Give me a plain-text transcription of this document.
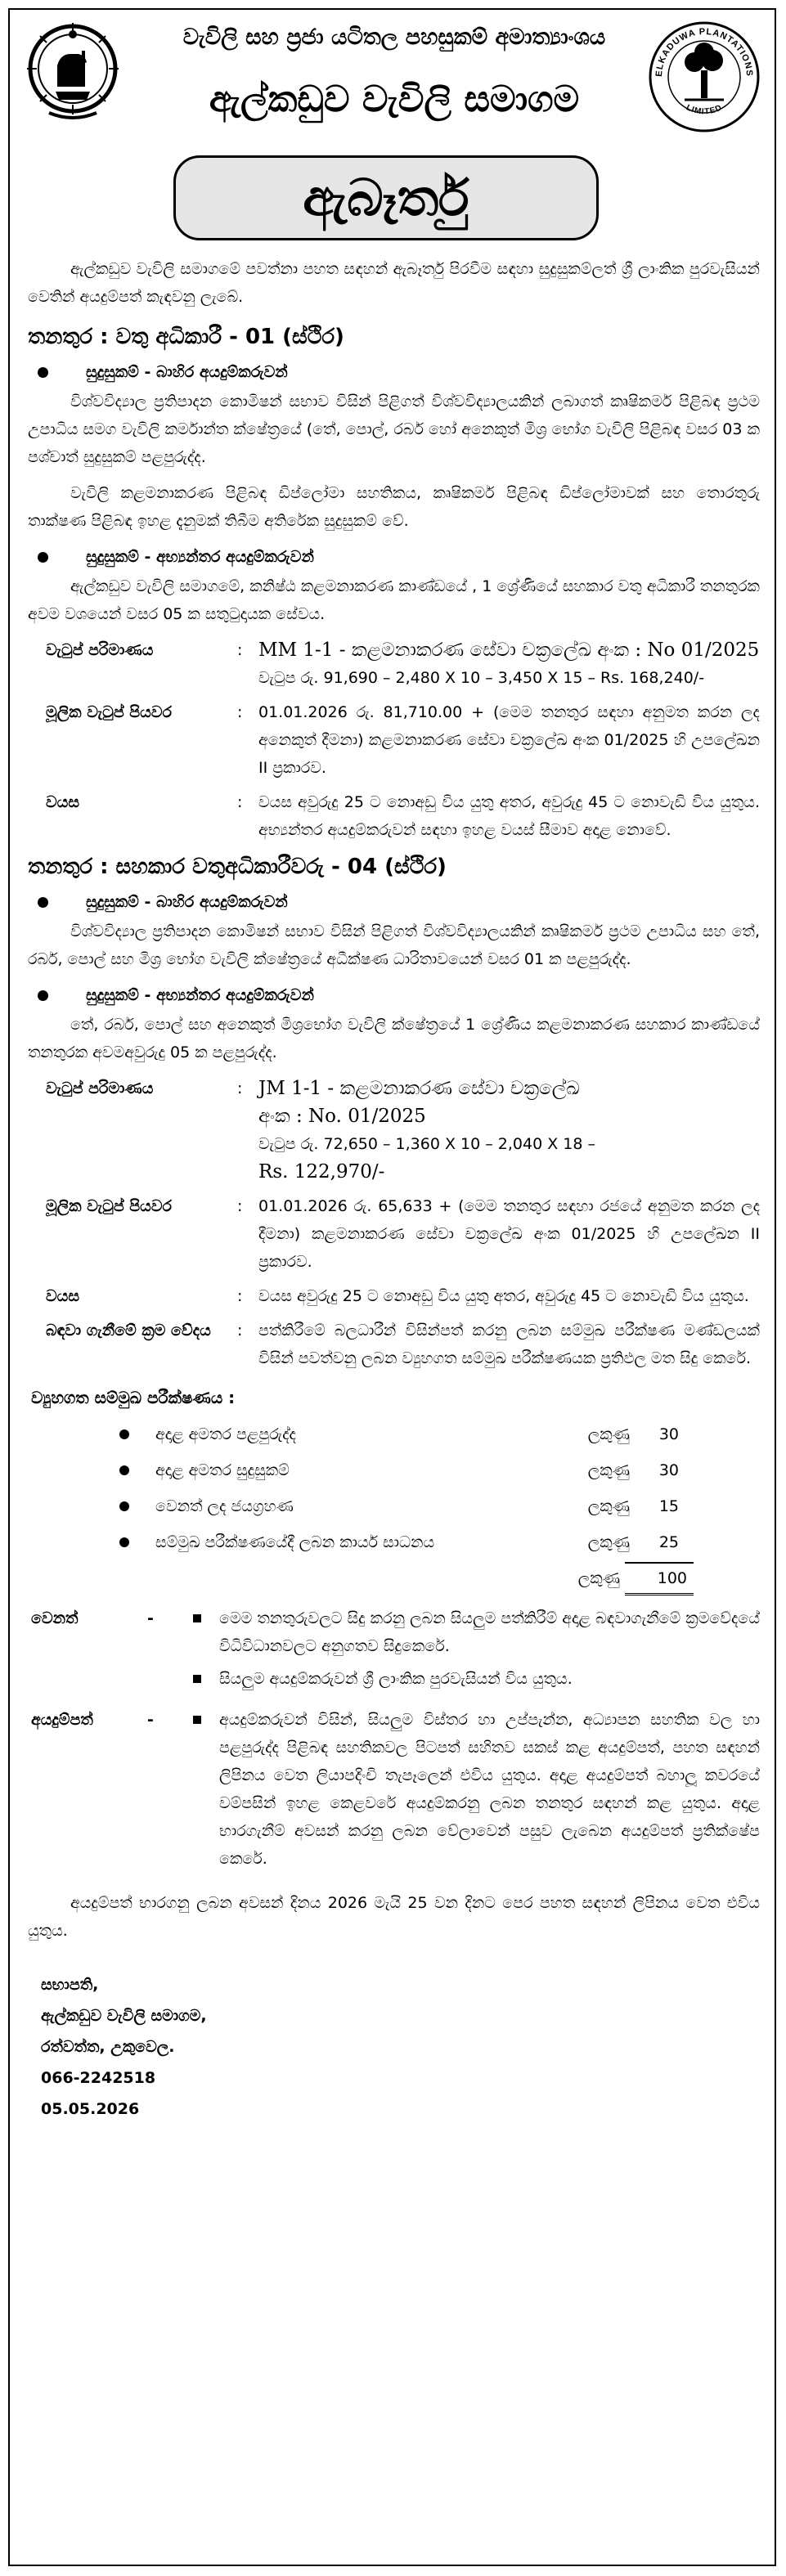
වැවිලි සහ ප්‍රජා යටිතල පහසුකම් අමාත්‍යාංශය
ඇල්කඩුව වැවිලි සමාගම
ELKADUWA PLANTATIONS
LIMITED
ඇබෑර්තු

ඇල්කඩුව වැවිලි සමාගමේ පවත්නා පහත සඳහන් ඇබෑර්තු පිරවීම සඳහා සුදුසුකම්ලත් ශ්‍රී ලාංකික පුරවැසියන් වෙතින් අයදුම්පත් කැඳවනු ලැබේ.

තනතුර : වතු අධිකාරී - 01 (ස්ථිර)
සුදුසුකම් - බාහිර අයදුම්කරුවන්

විශ්වවිද්‍යාල ප්‍රතිපාදන කොමිෂන් සභාව විසින් පිළිගත් විශ්වවිද්‍යාලයකින් ලබාගත් කෘෂිකර්ම පිළිබඳ ප්‍රථම උපාධිය සමග වැවිලි කර්මාන්ත ක්ෂේත්‍රයේ (තේ, පොල්, රබර් හෝ අනෙකුත් මිශ්‍ර භෝග වැවිලි පිළිබඳ වසර 03 ක පශ්චාත් සුදුසුකම් පළපුරුද්ද.

වැවිලි කළමනාකරණ පිළිබඳ ඩිප්ලෝමා සහතිකය, කෘෂිකර්ම පිළිබඳ ඩිප්ලෝමාවක් සහ තොරතුරු තාක්ෂණ පිළිබඳ ඉහළ දැනුමක් තිබීම අතිරේක සුදුසුකම් වේ.

සුදුසුකම් - අභ්‍යන්තර අයදුම්කරුවන්

ඇල්කඩුව වැවිලි සමාගමේ, කනිෂ්ඨ කළමනාකරණ කාණ්ඩයේ , 1 ශ්‍රේණියේ සහකාර වතු අධිකාරී තනතුරක අවම වශයෙන් වසර 05 ක සතුටුදායක සේවය.

වැටුප් පරිමාණය	: MM 1-1 - කළමනාකරණ සේවා චක්‍රලේඛ අංක : No 01/2025
වැටුප රු. 91,690 – 2,480 X 10 – 3,450 X 15 – Rs. 168,240/-
මූලික වැටුප් පියවර	:	01.01.2026 රු. 81,710.00 + (මෙම තනතුර සඳහා අනුමත කරන ලද අනෙකුත් දීමනා) කළමනාකරණ සේවා චක්‍රලේඛ අංක 01/2025 හි උපලේඛන II ප්‍රකාරව.
වයස	:	වයස අවුරුදු 25 ට නොඅඩු විය යුතු අතර, අවුරුදු 45 ට නොවැඩි විය යුතුය. අභ්‍යන්තර අයදුම්කරුවන් සඳහා ඉහළ වයස් සීමාව අදාළ නොවේ.
තනතුර : සහකාර වතුඅධිකාරීවරු - 04 (ස්ථිර)
සුදුසුකම් - බාහිර අයදුම්කරුවන්

විශ්වවිද්‍යාල ප්‍රතිපාදන කොමිෂන් සභාව විසින් පිළිගත් විශ්වවිද්‍යාලයකින් කෘෂිකර්ම ප්‍රථම උපාධිය සහ තේ, රබර්, පොල් සහ මිශ්‍ර භෝග වැවිලි ක්ෂේත්‍රයේ අධීක්ෂණ ධාරිතාවයෙන් වසර 01 ක පළපුරුද්ද.

සුදුසුකම් - අභ්‍යන්තර අයදුම්කරුවන්

තේ, රබර්, පොල් සහ අනෙකුත් මිශ්‍රභෝග වැවිලි ක්ෂේත්‍රයේ 1 ශ්‍රේණිය කළමනාකරණ සහකාර කාණ්ඩයේ තනතුරක අවමඅවුරුදු 05 ක පළපුරුද්ද.

වැටුප් පරිමාණය	: JM 1-1 - කළමනාකරණ සේවා චක්‍රලේඛ
අංක : No. 01/2025
වැටුප රු. 72,650 – 1,360 X 10 – 2,040 X 18 –
Rs. 122,970/-
මූලික වැටුප් පියවර	:	01.01.2026 රු. 65,633 + (මෙම තනතුර සඳහා රජයේ අනුමත කරන ලද දීමනා) කළමනාකරණ සේවා චක්‍රලේඛ අංක 01/2025 හි උපලේඛන II ප්‍රකාරව.
වයස	:	වයස අවුරුදු 25 ට නොඅඩු විය යුතු අතර, අවුරුදු 45 ට නොවැඩි විය යුතුය.
බඳවා ගැනීමේ ක්‍රම වේදය	:	පත්කිරීමේ බලධාරීන් විසින්පත් කරනු ලබන සම්මුඛ පරීක්ෂණ මණ්ඩලයක් විසින් පවත්වනු ලබන ව්‍යුහගත සම්මුඛ පරීක්ෂණයක ප්‍රතිඵල මත සිදු කෙරේ.
ව්‍යුහගත සම්මුඛ පරීක්ෂණය :
අදාළ අමතර පළපුරුද්ද	ලකුණු	30
අදාළ අමතර සුදුසුකම්	ලකුණු	30
වෙනත් ලද ජයග්‍රහණ	ලකුණු	15
සම්මුඛ පරීක්ෂණයේදී ලබන කාර්ය සාධනය	ලකුණු	25
ලකුණු	100
වෙනත්	-	මෙම තනතුරුවලට සිදු කරනු ලබන සියලුම පත්කිරීම් අදාළ බඳවාගැනීමේ ක්‍රමවේදයේ විධිවිධානවලට අනුගතව සිදුකෙරේ.
සියලුම අයදුම්කරුවන් ශ්‍රී ලාංකික පුරවැසියන් විය යුතුය.
අයදුම්පත්	-	අයදුම්කරුවන් විසින්, සියලුම විස්තර හා උප්පැන්න, අධ්‍යාපන සහතික වල හා පළපුරුද්ද පිළිබඳ සහතිකවල පිටපත් සහිතව සකස් කළ අයදුම්පත්, පහත සඳහන් ලිපිනය වෙත ලියාපදිංචි තැපෑලෙන් එවිය යුතුය. අදාළ අයදුම්පත් බහාලූ කවරයේ වම්පසින් ඉහළ කෙළවරේ අයදුම්කරනු ලබන තනතුර සඳහන් කළ යුතුය. අදාළ භාරගැනීම් අවසන් කරනු ලබන වේලාවෙන් පසුව ලැබෙන අයදුම්පත් ප්‍රතික්ෂේප කෙරේ.

අයදුම්පත් භාරගනු ලබන අවසන් දිනය 2026 මැයි 25 වන දිනට පෙර පහත සඳහන් ලිපිනය වෙත එවිය යුතුය.

සභාපති,
ඇල්කඩුව වැවිලි සමාගම,
රත්වත්ත, උකුවෙල.
066-2242518
05.05.2026
